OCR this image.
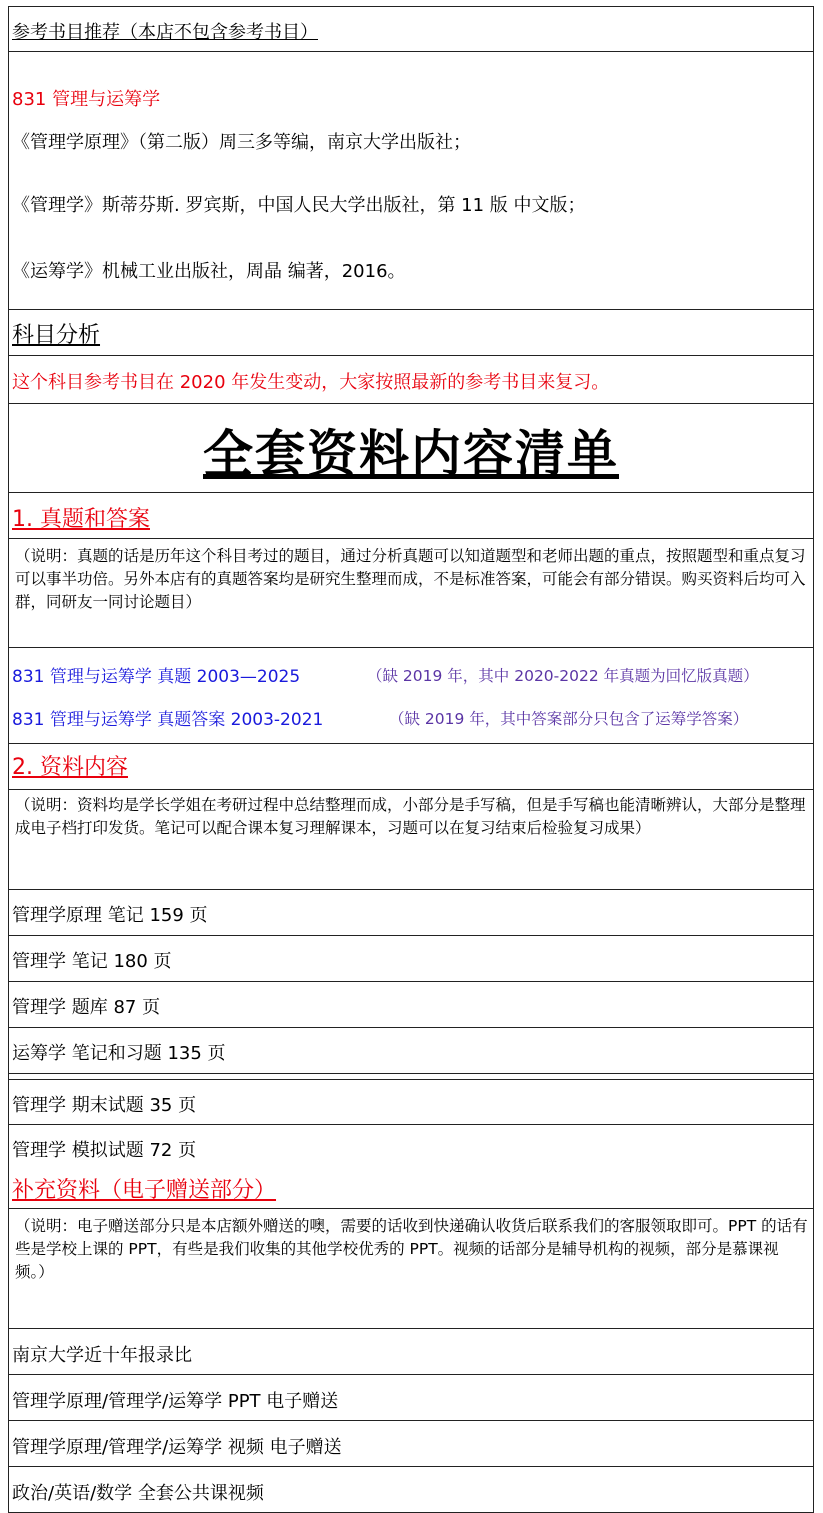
参考书目推荐（本店不包含参考书目）
831 管理与运筹学
《管理学原理》（第二版）周三多等编，南京大学出版社；
《管理学》斯蒂芬斯. 罗宾斯，中国人民大学出版社，第 11 版 中文版；
《运筹学》机械工业出版社，周晶 编著，2016。
科目分析
这个科目参考书目在 2020 年发生变动，大家按照最新的参考书目来复习。
全套资料内容清单
1. 真题和答案
（说明：真题的话是历年这个科目考过的题目，通过分析真题可以知道题型和老师出题的重点，按照题型和重点复习可以事半功倍。另外本店有的真题答案均是研究生整理而成，不是标准答案，可能会有部分错误。购买资料后均可入群，同研友一同讨论题目）
831 管理与运筹学 真题 2003—2025	（缺 2019 年，其中 2020-2022 年真题为回忆版真题）
831 管理与运筹学 真题答案 2003-2021	（缺 2019 年，其中答案部分只包含了运筹学答案）
2. 资料内容
（说明：资料均是学长学姐在考研过程中总结整理而成，小部分是手写稿，但是手写稿也能清晰辨认，大部分是整理成电子档打印发货。笔记可以配合课本复习理解课本，习题可以在复习结束后检验复习成果）
管理学原理 笔记 159 页
管理学 笔记 180 页
管理学 题库 87 页
运筹学 笔记和习题 135 页
管理学 期末试题 35 页
管理学 模拟试题 72 页
补充资料（电子赠送部分）
（说明：电子赠送部分只是本店额外赠送的噢，需要的话收到快递确认收货后联系我们的客服领取即可。PPT 的话有些是学校上课的 PPT，有些是我们收集的其他学校优秀的 PPT。视频的话部分是辅导机构的视频，部分是慕课视频。）
南京大学近十年报录比
管理学原理/管理学/运筹学 PPT 电子赠送
管理学原理/管理学/运筹学 视频 电子赠送
政治/英语/数学 全套公共课视频
